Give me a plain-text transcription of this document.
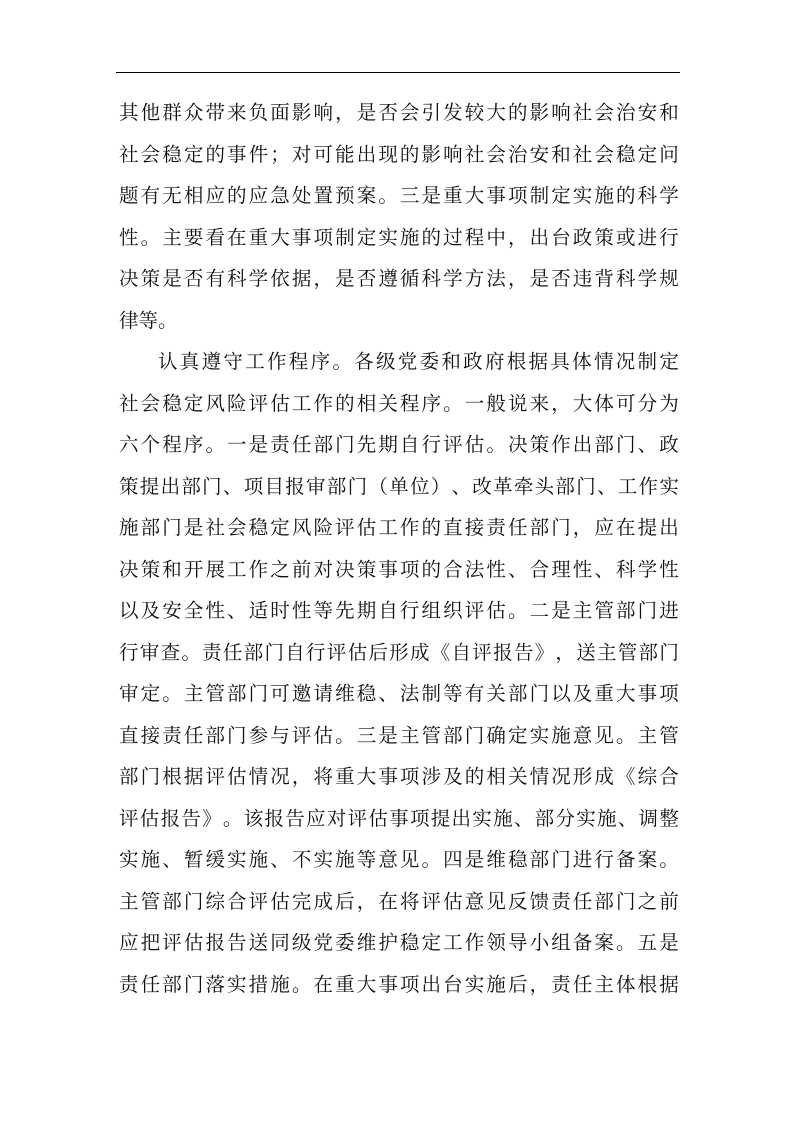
其 他 群 众 带 来 负 面 影 响 ， 是 否 会 引 发 较 大 的 影 响 社 会 治 安 和
社 会 稳 定 的 事 件 ； 对 可 能 出 现 的 影 响 社 会 治 安 和 社 会 稳 定 问
题 有 无 相 应 的 应 急 处 置 预 案 。 三 是 重 大 事 项 制 定 实 施 的 科 学
性 。 主 要 看 在 重 大 事 项 制 定 实 施 的 过 程 中 ， 出 台 政 策 或 进 行
决 策 是 否 有 科 学 依 据 ， 是 否 遵 循 科 学 方 法 ， 是 否 违 背 科 学 规
律等。
认 真 遵 守 工 作 程 序 。 各 级 党 委 和 政 府 根 据 具 体 情 况 制 定
社 会 稳 定 风 险 评 估 工 作 的 相 关 程 序 。 一 般 说 来 ， 大 体 可 分 为
六 个 程 序 。 一 是 责 任 部 门 先 期 自 行 评 估 。 决 策 作 出 部 门 、 政
策 提 出 部 门 、 项 目 报 审 部 门 （ 单 位 ） 、 改 革 牵 头 部 门 、 工 作 实
施 部 门 是 社 会 稳 定 风 险 评 估 工 作 的 直 接 责 任 部 门 ， 应 在 提 出
决 策 和 开 展 工 作 之 前 对 决 策 事 项 的 合 法 性 、 合 理 性 、 科 学 性
以 及 安 全 性 、 适 时 性 等 先 期 自 行 组 织 评 估 。 二 是 主 管 部 门 进
行 审 查 。 责 任 部 门 自 行 评 估 后 形 成 《 自 评 报 告 》 ， 送 主 管 部 门
审 定 。 主 管 部 门 可 邀 请 维 稳 、 法 制 等 有 关 部 门 以 及 重 大 事 项
直 接 责 任 部 门 参 与 评 估 。 三 是 主 管 部 门 确 定 实 施 意 见 。 主 管
部 门 根 据 评 估 情 况 ， 将 重 大 事 项 涉 及 的 相 关 情 况 形 成 《 综 合
评 估 报 告 》 。 该 报 告 应 对 评 估 事 项 提 出 实 施 、 部 分 实 施 、 调 整
实 施 、 暂 缓 实 施 、 不 实 施 等 意 见 。 四 是 维 稳 部 门 进 行 备 案 。
主 管 部 门 综 合 评 估 完 成 后 ， 在 将 评 估 意 见 反 馈 责 任 部 门 之 前
应 把 评 估 报 告 送 同 级 党 委 维 护 稳 定 工 作 领 导 小 组 备 案 。 五 是
责 任 部 门 落 实 措 施 。 在 重 大 事 项 出 台 实 施 后 ， 责 任 主 体 根 据
